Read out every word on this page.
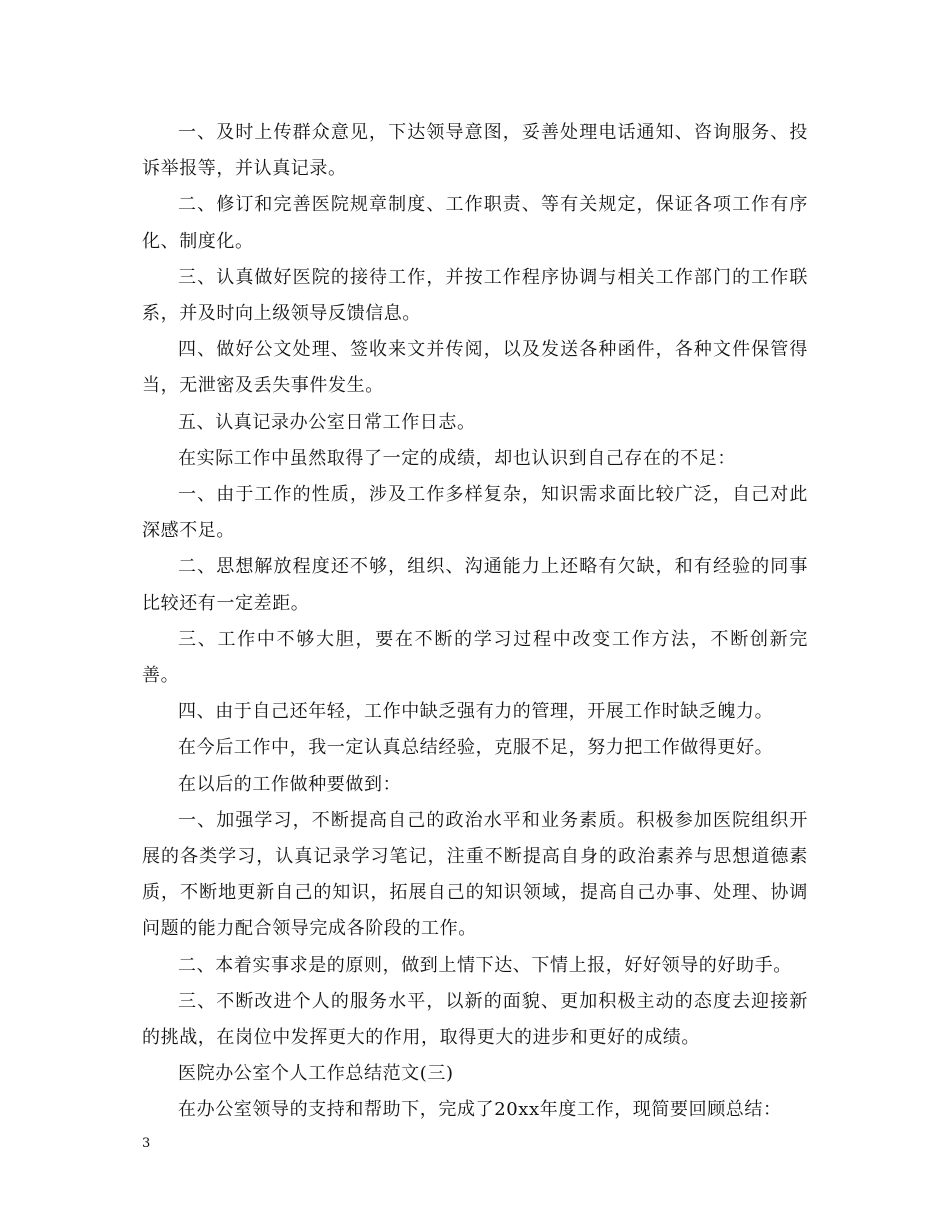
一、及时上传群众意见，下达领导意图，妥善处理电话通知、咨询服务、投诉举报等，并认真记录。

二、修订和完善医院规章制度、工作职责、等有关规定，保证各项工作有序化、制度化。

三、认真做好医院的接待工作，并按工作程序协调与相关工作部门的工作联系，并及时向上级领导反馈信息。

四、做好公文处理、签收来文并传阅，以及发送各种函件，各种文件保管得当，无泄密及丢失事件发生。

五、认真记录办公室日常工作日志。

在实际工作中虽然取得了一定的成绩，却也认识到自己存在的不足：

一、由于工作的性质，涉及工作多样复杂，知识需求面比较广泛，自己对此深感不足。

二、思想解放程度还不够，组织、沟通能力上还略有欠缺，和有经验的同事比较还有一定差距。

三、工作中不够大胆，要在不断的学习过程中改变工作方法，不断创新完善。

四、由于自己还年轻，工作中缺乏强有力的管理，开展工作时缺乏魄力。

在今后工作中，我一定认真总结经验，克服不足，努力把工作做得更好。

在以后的工作做种要做到：

一、加强学习，不断提高自己的政治水平和业务素质。积极参加医院组织开展的各类学习，认真记录学习笔记，注重不断提高自身的政治素养与思想道德素质，不断地更新自己的知识，拓展自己的知识领域，提高自己办事、处理、协调问题的能力配合领导完成各阶段的工作。

二、本着实事求是的原则，做到上情下达、下情上报，好好领导的好助手。

三、不断改进个人的服务水平，以新的面貌、更加积极主动的态度去迎接新的挑战，在岗位中发挥更大的作用，取得更大的进步和更好的成绩。

医院办公室个人工作总结范文(三)

在办公室领导的支持和帮助下，完成了20xx年度工作，现简要回顾总结：

3
